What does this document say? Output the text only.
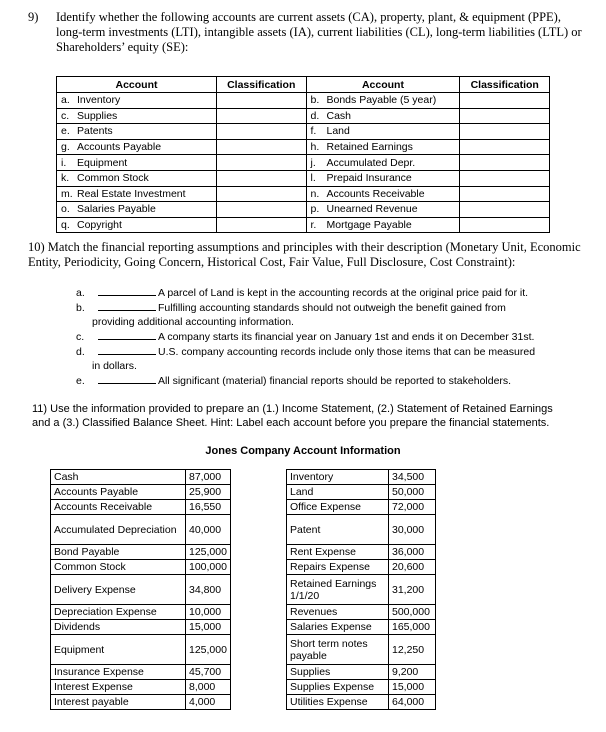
9) Identify whether the following accounts are current assets (CA), property, plant, & equipment (PPE), long-term investments (LTI), intangible assets (IA), current liabilities (CL), long-term liabilities (LTL) or Shareholders’ equity (SE):
Account	Classification	Account	Classification
a. Inventory		b. Bonds Payable (5 year)	
c. Supplies		d. Cash	
e. Patents		f. Land	
g. Accounts Payable		h. Retained Earnings	
i. Equipment		j. Accumulated Depr.	
k. Common Stock		l. Prepaid Insurance	
m. Real Estate Investment		n. Accounts Receivable	
o. Salaries Payable		p. Unearned Revenue	
q. Copyright		r. Mortgage Payable	
10) Match the financial reporting assumptions and principles with their description (Monetary Unit, Economic Entity, Periodicity, Going Concern, Historical Cost, Fair Value, Full Disclosure, Cost Constraint):
a.	A parcel of Land is kept in the accounting records at the original price paid for it.
b.	Fulfilling accounting standards should not outweigh the benefit gained from
providing additional accounting information.
c.	A company starts its financial year on January 1st and ends it on December 31st.
d.	U.S. company accounting records include only those items that can be measured
in dollars.
e.	All significant (material) financial reports should be reported to stakeholders.
11) Use the information provided to prepare an (1.) Income Statement, (2.) Statement of Retained Earnings and a (3.) Classified Balance Sheet. Hint: Label each account before you prepare the financial statements.
Jones Company Account Information
Cash	87,000
Accounts Payable	25,900
Accounts Receivable	16,550
Accumulated Depreciation	40,000
Bond Payable	125,000
Common Stock	100,000
Delivery Expense	34,800
Depreciation Expense	10,000
Dividends	15,000
Equipment	125,000
Insurance Expense	45,700
Interest Expense	8,000
Interest payable	4,000
Inventory	34,500
Land	50,000
Office Expense	72,000
Patent	30,000
Rent Expense	36,000
Repairs Expense	20,600
Retained Earnings 1/1/20	31,200
Revenues	500,000
Salaries Expense	165,000
Short term notes payable	12,250
Supplies	9,200
Supplies Expense	15,000
Utilities Expense	64,000
